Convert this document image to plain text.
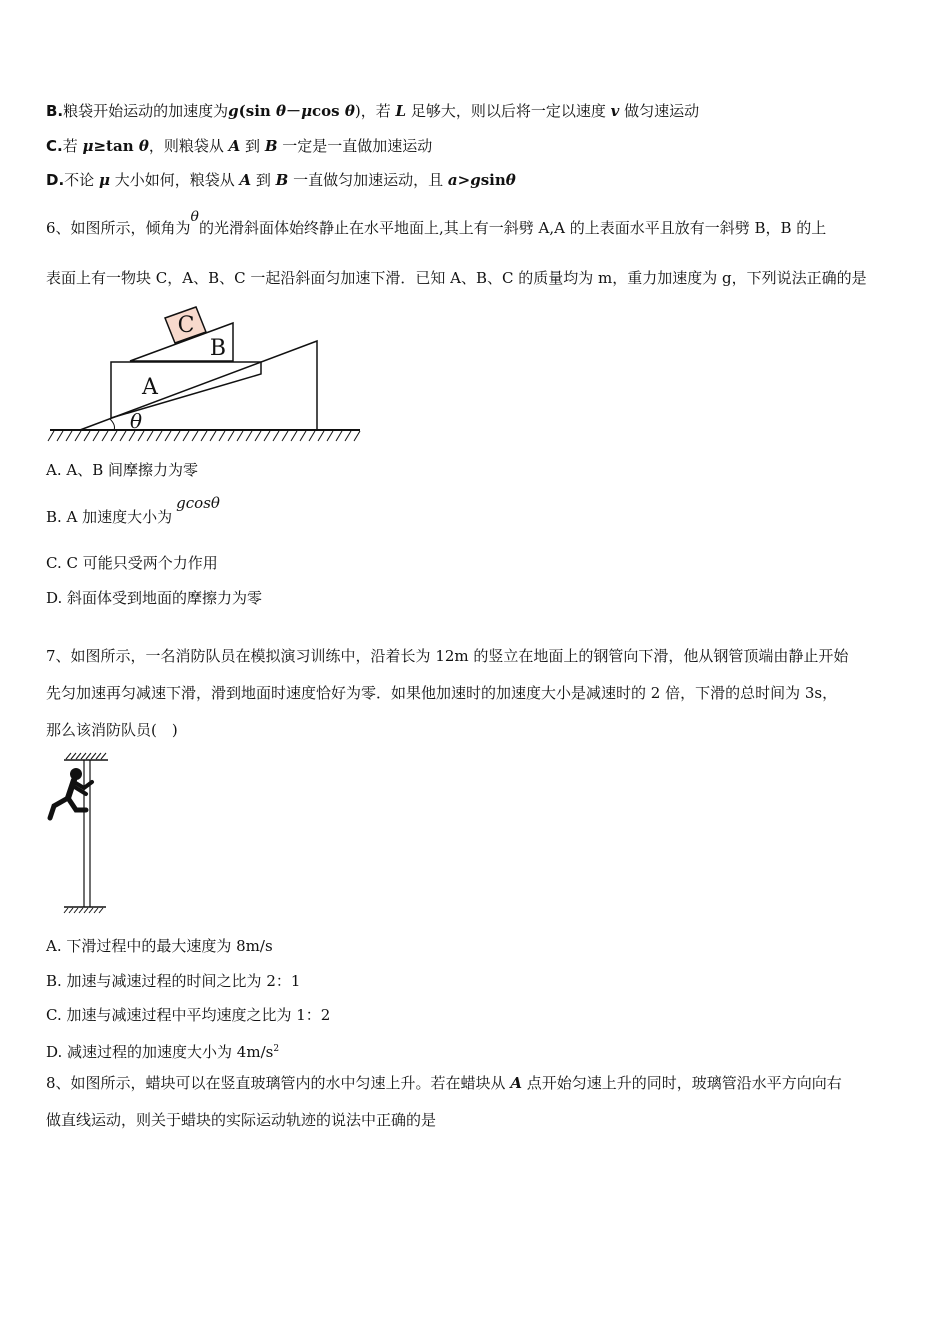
B.粮袋开始运动的加速度为g(sin θ－μcos θ)，若 L 足够大，则以后将一定以速度 v 做匀速运动
C.若 μ≥tan θ，则粮袋从 A 到 B 一定是一直做加速运动
D.不论 μ 大小如何，粮袋从 A 到 B 一直做匀加速运动，且 a>gsinθ
6、如图所示，倾角为θ的光滑斜面体始终静止在水平地面上,其上有一斜劈 A,A 的上表面水平且放有一斜劈 B，B 的上
表面上有一物块 C，A、B、C 一起沿斜面匀加速下滑．已知 A、B、C 的质量均为 m，重力加速度为 g，下列说法正确的是
C
B
A
θ
A. A、B 间摩擦力为零
B. A 加速度大小为gcosθ
C. C 可能只受两个力作用
D. 斜面体受到地面的摩擦力为零
7、如图所示，一名消防队员在模拟演习训练中，沿着长为 12m 的竖立在地面上的钢管向下滑，他从钢管顶端由静止开始
先匀加速再匀减速下滑，滑到地面时速度恰好为零．如果他加速时的加速度大小是减速时的 2 倍，下滑的总时间为 3s，
那么该消防队员(　)
A. 下滑过程中的最大速度为 8m/s
B. 加速与减速过程的时间之比为 2：1
C. 加速与减速过程中平均速度之比为 1：2
D. 减速过程的加速度大小为 $4m/s^2$
8、如图所示，蜡块可以在竖直玻璃管内的水中匀速上升。若在蜡块从 A 点开始匀速上升的同时，玻璃管沿水平方向向右
做直线运动，则关于蜡块的实际运动轨迹的说法中正确的是
